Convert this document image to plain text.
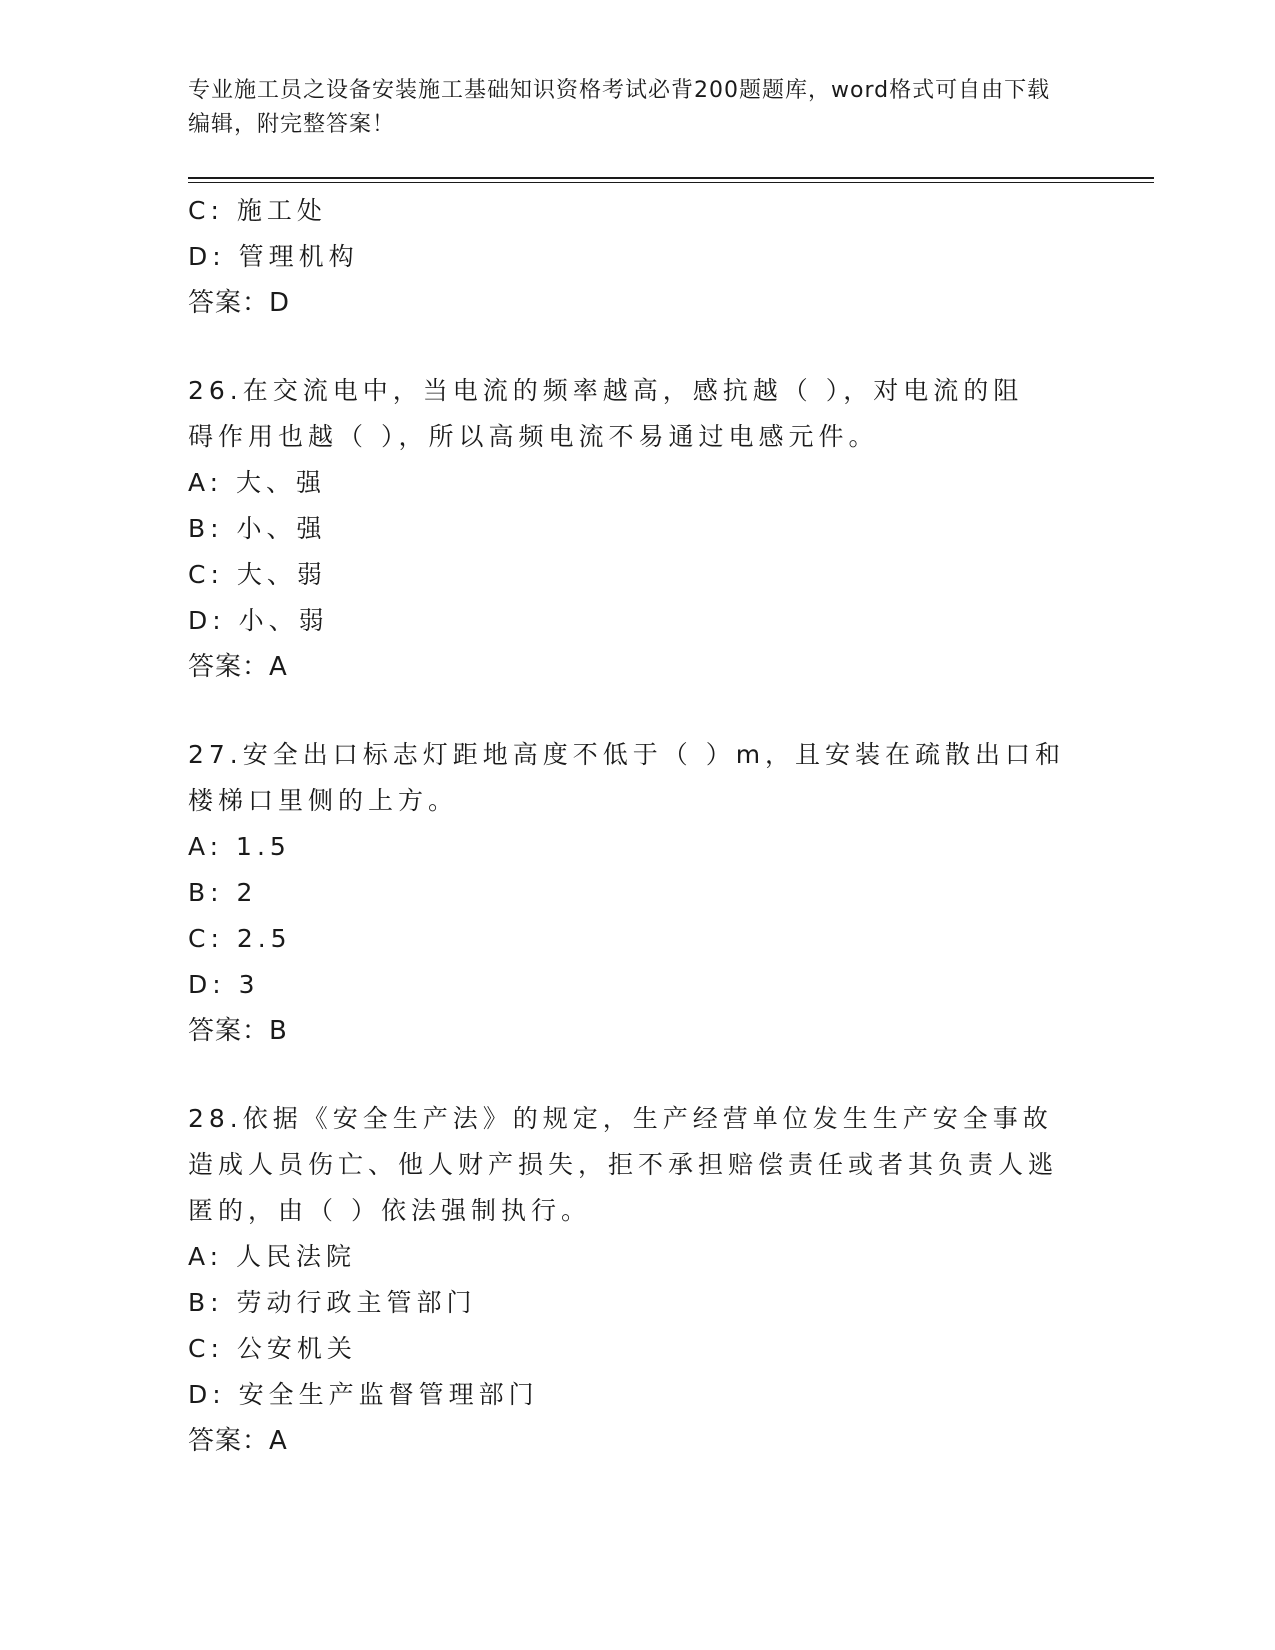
专业施工员之设备安装施工基础知识资格考试必背200题题库，word格式可自由下载编辑，附完整答案！
C: 施工处
D: 管理机构
答案：D
26.在交流电中，当电流的频率越高，感抗越（ ），对电流的阻碍作用也越（ ），所以高频电流不易通过电感元件。
A: 大、强
B: 小、强
C: 大、弱
D: 小、弱
答案：A
27.安全出口标志灯距地高度不低于（ ）m，且安装在疏散出口和楼梯口里侧的上方。
A: 1.5
B: 2
C: 2.5
D: 3
答案：B
28.依据《安全生产法》的规定，生产经营单位发生生产安全事故造成人员伤亡、他人财产损失，拒不承担赔偿责任或者其负责人逃匿的，由（ ）依法强制执行。
A: 人民法院
B: 劳动行政主管部门
C: 公安机关
D: 安全生产监督管理部门
答案：A
